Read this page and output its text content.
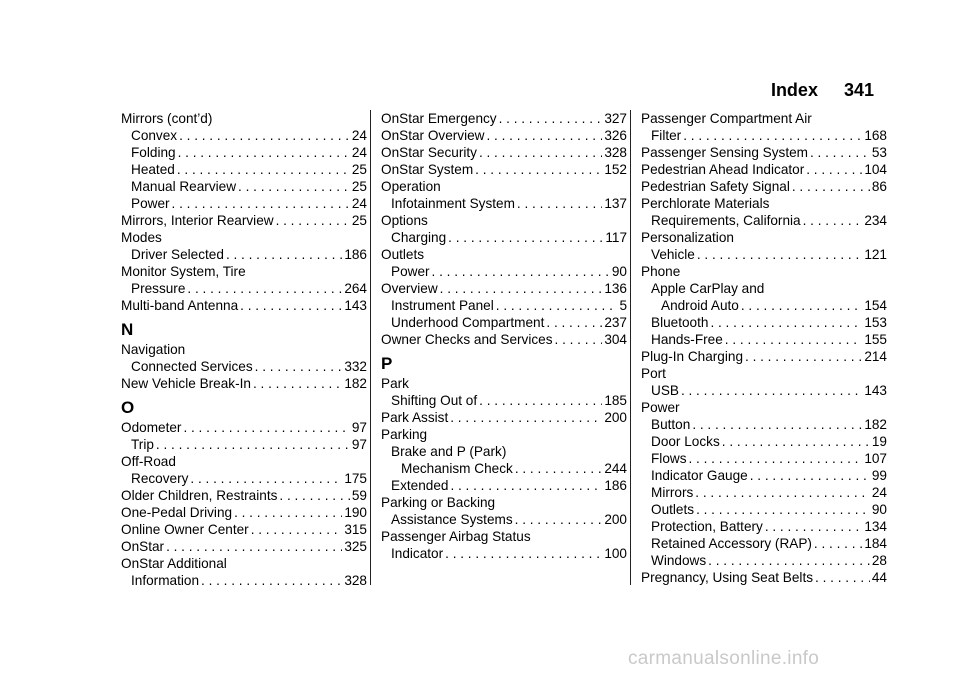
Index 341
Mirrors (cont’d)
Convex . . .	24
Folding . . .	24
Heated . . .	25
Manual Rearview . . .	25
Power . . .	24
Mirrors, Interior Rearview . . .	25
Modes
Driver Selected . . .	186
Monitor System, Tire
Pressure . . .	264
Multi-band Antenna . . .	143
N
Navigation
Connected Services . . .	332
New Vehicle Break-In . . .	182
O
Odometer . . .	97
Trip . . .	97
Off-Road
Recovery . . .	175
Older Children, Restraints . . .	59
One-Pedal Driving . . .	190
Online Owner Center . . .	315
OnStar . . .	325
OnStar Additional
Information . . .	328
OnStar Emergency . . .	327
OnStar Overview . . .	326
OnStar Security . . .	328
OnStar System . . .	152
Operation
Infotainment System . . .	137
Options
Charging . . .	117
Outlets
Power . . .	90
Overview . . .	136
Instrument Panel . . .	5
Underhood Compartment . . .	237
Owner Checks and Services . . .	304
P
Park
Shifting Out of . . .	185
Park Assist . . .	200
Parking
Brake and P (Park)
Mechanism Check . . .	244
Extended . . .	186
Parking or Backing
Assistance Systems . . .	200
Passenger Airbag Status
Indicator . . .	100
Passenger Compartment Air
Filter . . .	168
Passenger Sensing System . . .	53
Pedestrian Ahead Indicator . . .	104
Pedestrian Safety Signal . . .	86
Perchlorate Materials
Requirements, California . . .	234
Personalization
Vehicle . . .	121
Phone
Apple CarPlay and
Android Auto . . .	154
Bluetooth . . .	153
Hands-Free . . .	155
Plug-In Charging . . .	214
Port
USB . . .	143
Power
Button . . .	182
Door Locks . . .	19
Flows . . .	107
Indicator Gauge . . .	99
Mirrors . . .	24
Outlets . . .	90
Protection, Battery . . .	134
Retained Accessory (RAP) . . .	184
Windows . . .	28
Pregnancy, Using Seat Belts . . .	44
carmanualsonline.info
